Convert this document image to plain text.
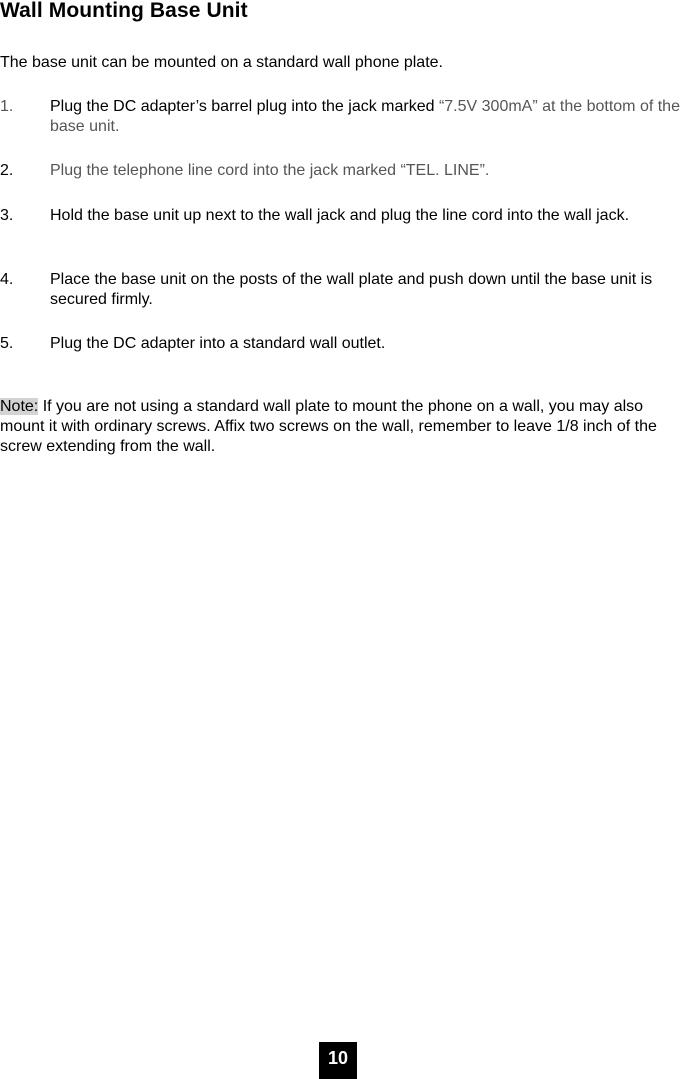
Wall Mounting Base Unit

The base unit can be mounted on a standard wall phone plate.

1. Plug the DC adapter’s barrel plug into the jack marked “7.5V 300mA” at the bottom of the base unit.
2. Plug the telephone line cord into the jack marked “TEL. LINE”.
3. Hold the base unit up next to the wall jack and plug the line cord into the wall jack.
4. Place the base unit on the posts of the wall plate and push down until the base unit is secured firmly.
5. Plug the DC adapter into a standard wall outlet.

Note: If you are not using a standard wall plate to mount the phone on a wall, you may also mount it with ordinary screws. Affix two screws on the wall, remember to leave 1/8 inch of the screw extending from the wall.

10
